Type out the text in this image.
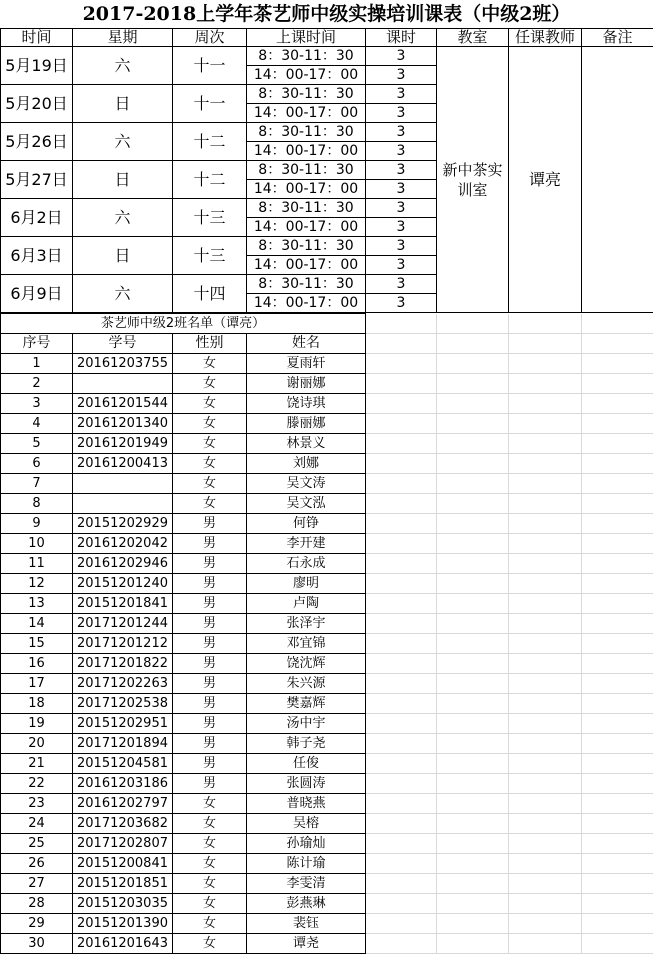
2017-2018上学年茶艺师中级实操培训课表（中级2班）
时间	星期	周次	上课时间	课时	教室	任课教师	备注
5月19日	六	十一	8：30-11：30	3	新中茶实训室	谭亮	
			14：00-17：00	3			
5月20日	日	十一	8：30-11：30	3			
			14：00-17：00	3			
5月26日	六	十二	8：30-11：30	3			
			14：00-17：00	3			
5月27日	日	十二	8：30-11：30	3			
			14：00-17：00	3			
6月2日	六	十三	8：30-11：30	3			
			14：00-17：00	3			
6月3日	日	十三	8：30-11：30	3			
			14：00-17：00	3			
6月9日	六	十四	8：30-11：30	3			
			14：00-17：00	3			
茶艺师中级2班名单（谭亮）							
序号	学号	性别	姓名				
1	20161203755	女	夏雨轩				
2		女	谢丽娜				
3	20161201544	女	饶诗琪				
4	20161201340	女	滕丽娜				
5	20161201949	女	林景义				
6	20161200413	女	刘娜				
7		女	吴文涛				
8		女	吴文泓				
9	20151202929	男	何铮				
10	20161202042	男	李开建				
11	20161202946	男	石永成				
12	20151201240	男	廖明				
13	20151201841	男	卢陶				
14	20171201244	男	张泽宇				
15	20171201212	男	邓宜锦				
16	20171201822	男	饶沈辉				
17	20171202263	男	朱兴源				
18	20171202538	男	樊嘉辉				
19	20151202951	男	汤中宇				
20	20171201894	男	韩子尧				
21	20151204581	男	任俊				
22	20161203186	男	张圆涛				
23	20161202797	女	普晓燕				
24	20171203682	女	吴榕				
25	20171202807	女	孙瑜灿				
26	20151200841	女	陈计瑜				
27	20151201851	女	李雯清				
28	20151203035	女	彭燕琳				
29	20151201390	女	裴钰				
30	20161201643	女	谭尧				
